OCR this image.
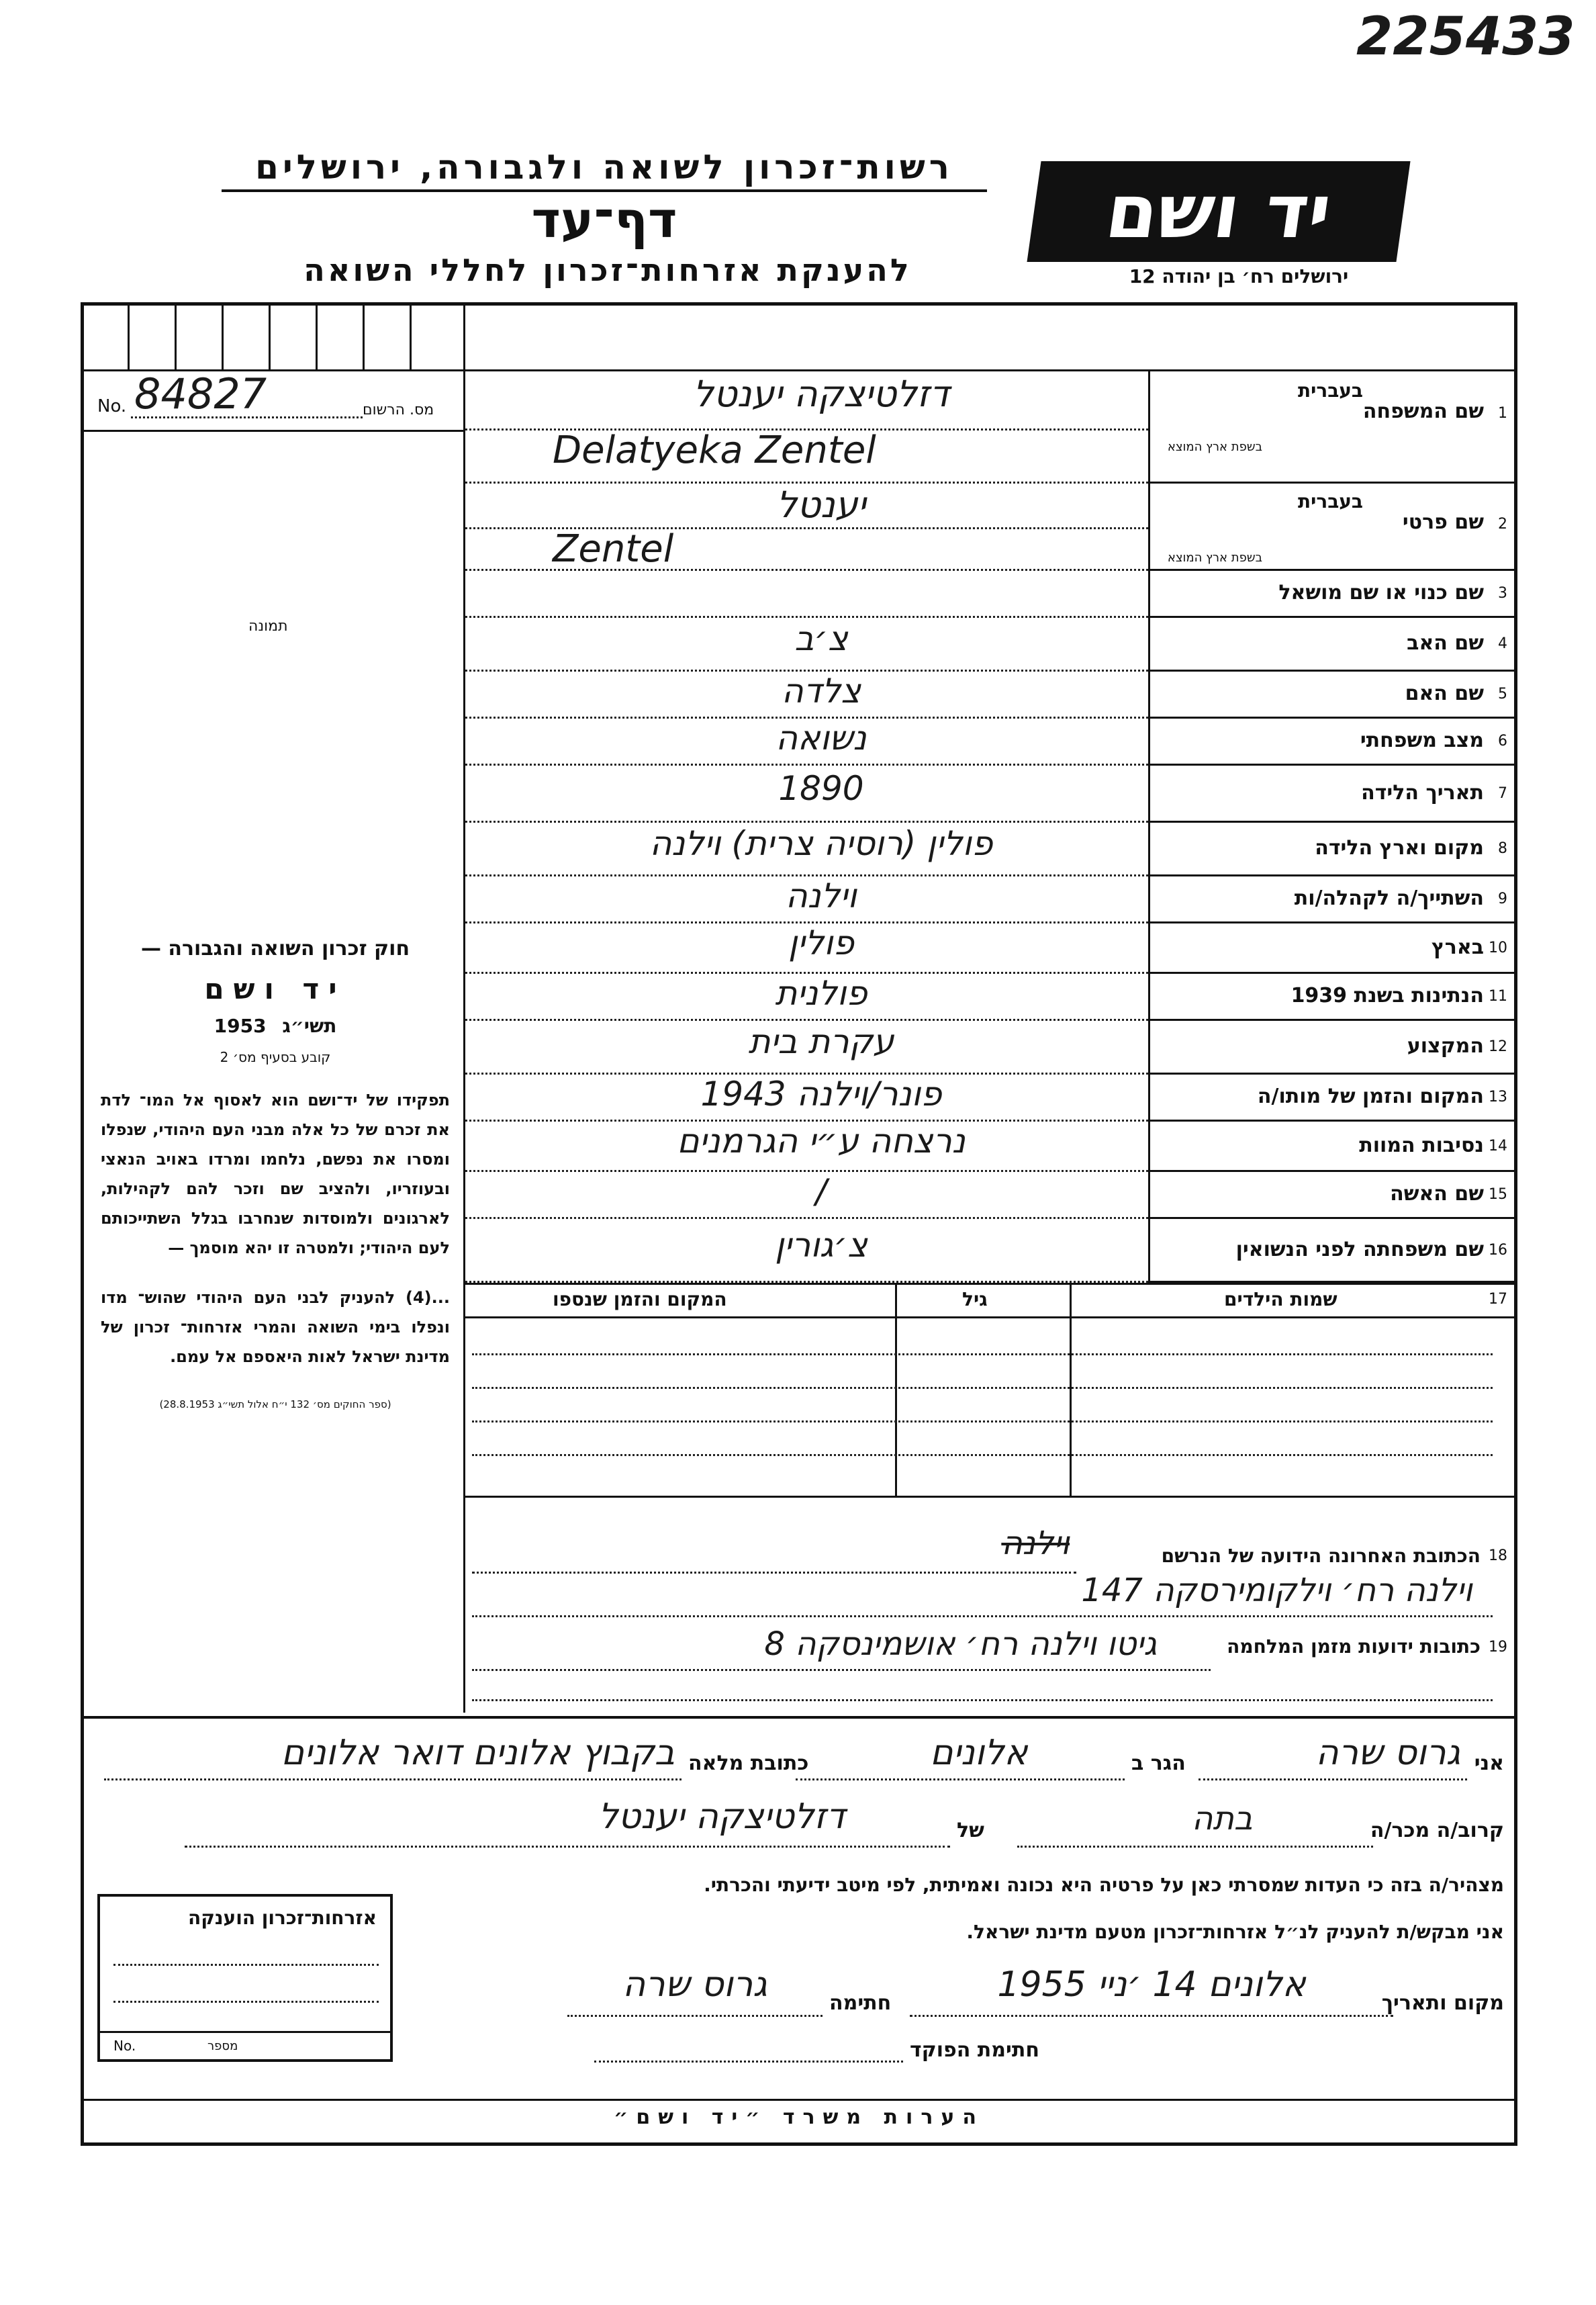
225433
רשות־זכרון לשואה ולגבורה, ירושלים
דף־עד
להענקת אזרחות־זכרון לחללי השואה
יד ושם
ירושלים רח׳ בן יהודה 12
No. 84827	מס. הרשום
תמונה
1
שם המשפחה
בעברית
בשפת ארץ המוצא
דזלטיצקה יענטל
Delatyeka Zentel
2
שם פרטי
בעברית
בשפת ארץ המוצא
יענטל
Zentel
3
שם כנוי או שם מושאל
4
שם האב
צ׳ב
5
שם האם
צלדה
6
מצב משפחתי
נשואה
7
תאריך הלידה
1890
8
מקום וארץ הלידה
פולין (רוסיה צרית) וילנה
9
השתייך/ה לקהלה/ות
וילנה
10
בארץ
פולין
11
הנתינות בשנת 1939
פולנית
12
המקצוע
עקרת בית
13
המקום והזמן של מותו/ה
פונר/וילנה 1943
14
נסיבות המוות
נרצחה ע״י הגרמנים
15
שם האשה
/
16
שם משפחתה לפני הנשואין
צ׳גורין
חוק זכרון השואה והגבורה —
יד ושם
תשי״ג 1953
קובע בסעיף מס׳ 2
תפקידו של יד־ושם הוא לאסוף אל המו־ לדת את זכרם של כל אלה מבני העם היהודי, שנפלו ומסרו את נפשם, נלחמו ומרדו באויב הנאצי ובעוזריו, ולהציב שם וזכר להם לקהילות, לארגונים ולמוסדות שנחרבו בגלל השתייכותם לעם היהודי; ולמטרה זו יהא מוסמך —
...(4) להעניק לבני העם היהודי שהוש־ מדו ונפלו בימי השואה והמרי אזרחות־ זכרון של מדינת ישראל לאות היאספם אל עמם.
(ספר החוקים מס׳ 132 י״ח אלול תשי״ג 28.8.1953)
17
שמות הילדים
גיל
המקום והזמן שנספו
וילנה	הכתובת האחרונה הידועה של הנרשם 18
וילנה רח׳ וילקומירסקה 147
גיטו וילנה רח׳ אושמינסקה 8	כתובות ידועות מזמן המלחמה 19
אני
גרוס שרה
הגר ב
אלונים
כתובת מלאה
בקבוץ אלונים דואר אלונים
קרוב/ה מכר/ה
בתה
של
דזלטיצקה יענטל
מצהיר/ה בזה כי העדות שמסרתי כאן על פרטיה היא נכונה ואמיתית, לפי מיטב ידיעתי והכרתי.
אני מבקש/ת להעניק לנ״ל אזרחות־זכרון מטעם מדינת ישראל.
מקום ותאריך
אלונים 14 ׳ניי 1955
חתימה
גרוס שרה
חתימת הפוקד
אזרחות־זכרון הוענקה
No.	מספר
הערות משרד ״יד ושם״
